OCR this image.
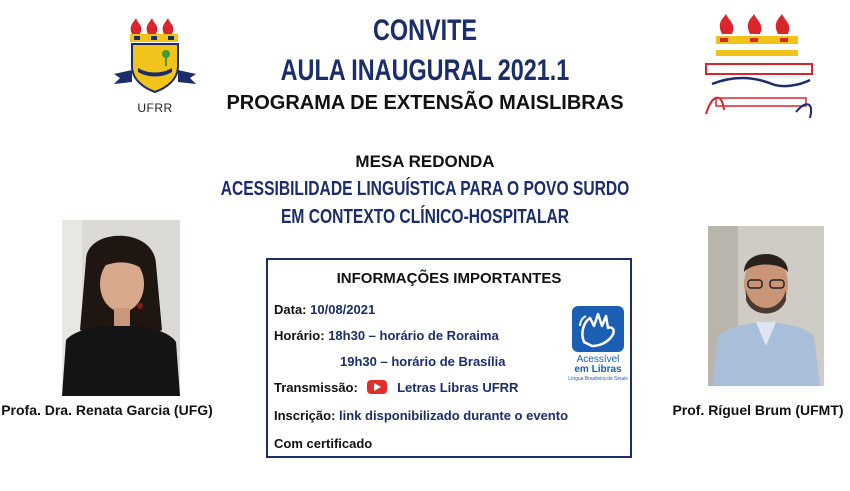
CONVITE
AULA INAUGURAL 2021.1
PROGRAMA DE EXTENSÃO MAISLIBRAS
MESA REDONDA
ACESSIBILIDADE LINGUÍSTICA PARA O POVO SURDO
EM CONTEXTO CLÍNICO-HOSPITALAR
UFRR
Profa. Dra. Renata Garcia (UFG)	Prof. Ríguel Brum (UFMT)
INFORMAÇÕES IMPORTANTES
Data: 10/08/2021
Horário: 18h30 – horário de Roraima
19h30 – horário de Brasília
Transmissão:	Letras Libras UFRR
Inscrição: link disponibilizado durante o evento
Com certificado
Acessível
em Libras
Língua Brasileira de Sinais
